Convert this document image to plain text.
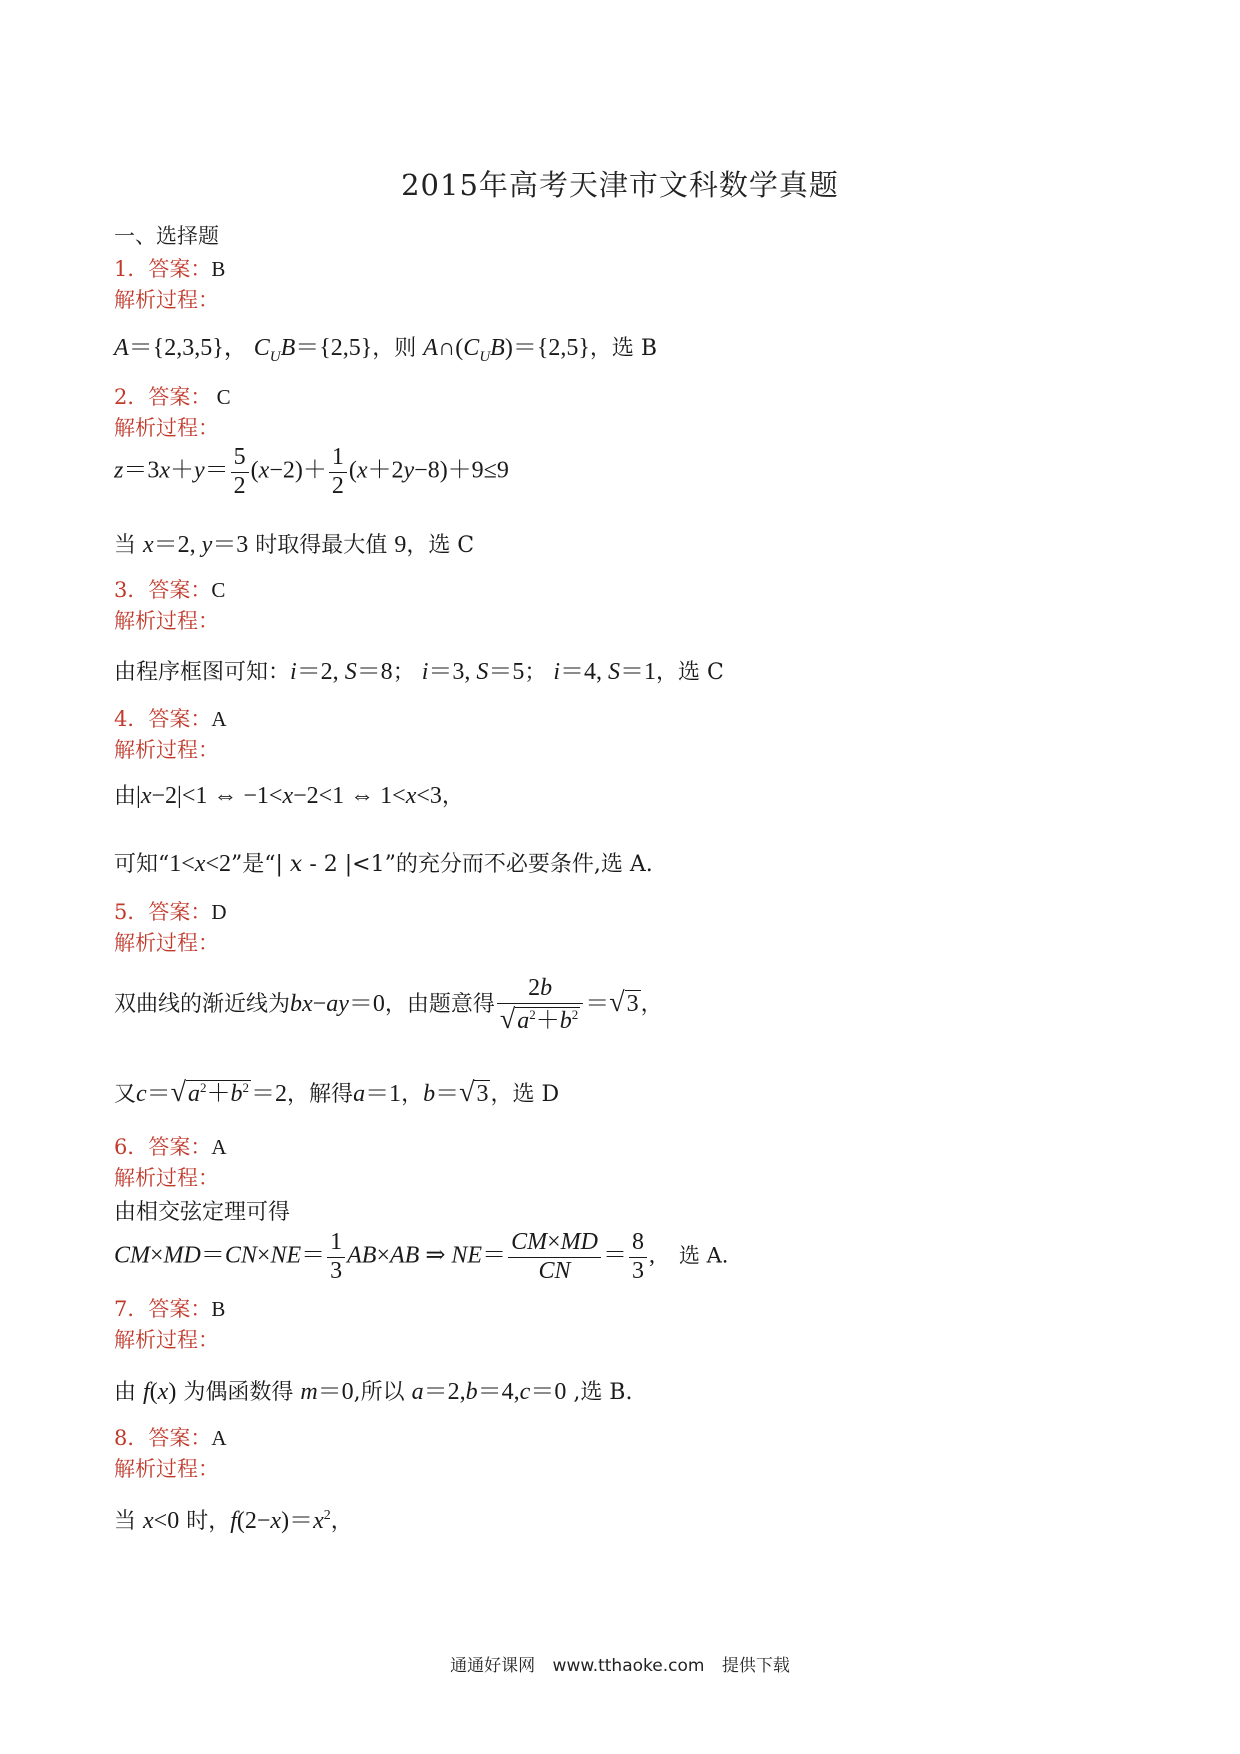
2015年高考天津市文科数学真题
一、选择题
1．答案：B
解析过程：
A＝{2,3,5}， $C_UB=\{2,5\}$，则 $A\cap(C_UB)=\{2,5\}$，选 B
2．答案： C
解析过程：
$z=3x+y= \frac{5}{2} (x-2)+ \frac{1}{2} (x+2y-8)+9\le 9$
当 x＝2, y＝3 时取得最大值 9，选 C
3．答案：C
解析过程：
由程序框图可知：i＝2, S＝8； i＝3, S＝5； i＝4, S＝1，选 C
4．答案：A
解析过程：
由|x−2|<1 ⇔ −1<x−2<1 ⇔ 1<x<3，
可知“1<x<2”是“| x - 2 |<1”的充分而不必要条件,选 A.
5．答案：D
解析过程：
双曲线的渐近线为bx−ay＝0，由题意得 $\frac{2b}{√a^2+b^2} =√3$，
又$c=√a^2+b^2=2$，解得a＝1，b＝√3，选 D
6．答案：A
解析过程：
由相交弦定理可得
$CM\times MD=CN\times NE= \frac{1}{3} AB\times AB$ ⇒ $NE= \frac{CM\times MD}{CN} = \frac{8}{3}$ ,    选 A.
7．答案：B
解析过程：
由 f(x) 为偶函数得 m＝0,所以 a＝2,b＝4,c＝0 ,选 B.
8．答案：A
解析过程：
当 x<0 时，$f(2-x)=x^2$，
通通好课网 www.tthaoke.com 提供下载
